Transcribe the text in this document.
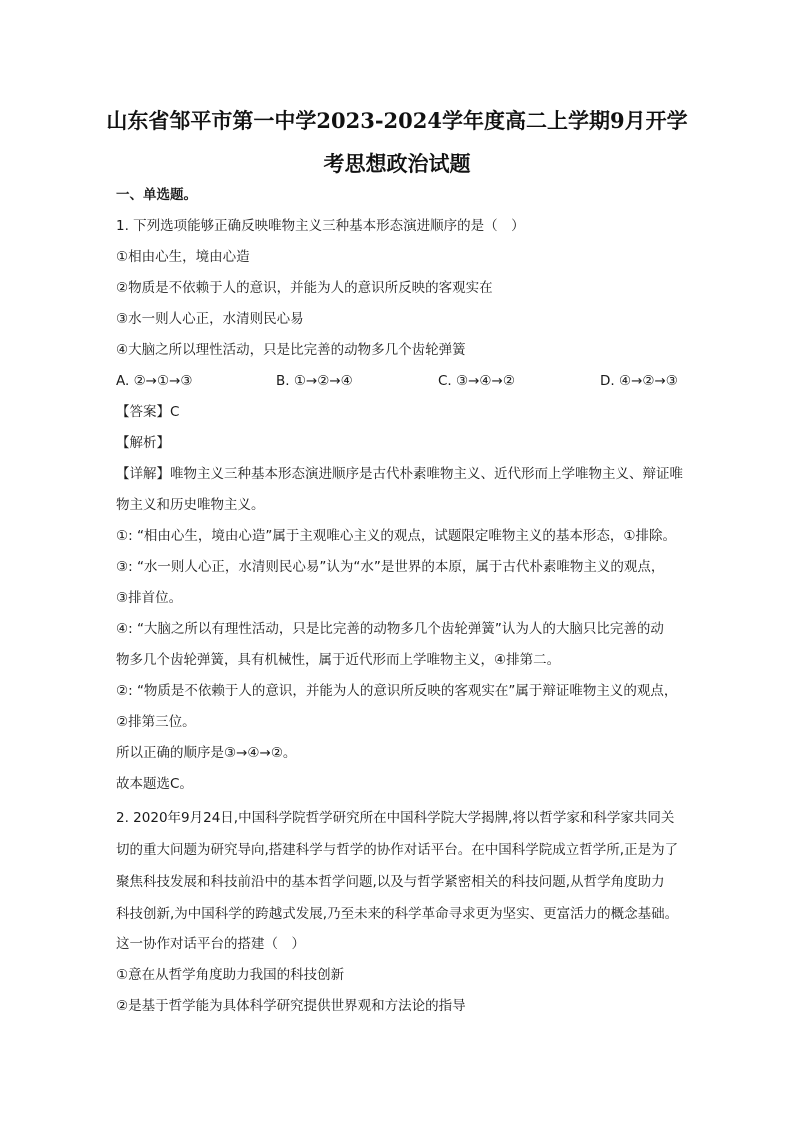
山东省邹平市第一中学2023-2024学年度高二上学期9月开学
考思想政治试题
一、单选题。
1. 下列选项能够正确反映唯物主义三种基本形态演进顺序的是（　）
①相由心生，境由心造
②物质是不依赖于人的意识，并能为人的意识所反映的客观实在
③水一则人心正，水清则民心易
④大脑之所以理性活动，只是比完善的动物多几个齿轮弹簧
A. ②→①→③	B. ①→②→④	C. ③→④→②	D. ④→②→③
【答案】C
【解析】
【详解】唯物主义三种基本形态演进顺序是古代朴素唯物主义、近代形而上学唯物主义、辩证唯
物主义和历史唯物主义。
①: “相由心生，境由心造”属于主观唯心主义的观点，试题限定唯物主义的基本形态，①排除。
③: “水一则人心正，水清则民心易”认为“水”是世界的本原，属于古代朴素唯物主义的观点，
③排首位。
④: “大脑之所以有理性活动，只是比完善的动物多几个齿轮弹簧”认为人的大脑只比完善的动
物多几个齿轮弹簧，具有机械性，属于近代形而上学唯物主义，④排第二。
②: “物质是不依赖于人的意识，并能为人的意识所反映的客观实在”属于辩证唯物主义的观点，
②排第三位。
所以正确的顺序是③→④→②。
故本题选C。
2. 2020年9月24日,中国科学院哲学研究所在中国科学院大学揭牌,将以哲学家和科学家共同关
切的重大问题为研究导向,搭建科学与哲学的协作对话平台。在中国科学院成立哲学所,正是为了
聚焦科技发展和科技前沿中的基本哲学问题,以及与哲学紧密相关的科技问题,从哲学角度助力
科技创新,为中国科学的跨越式发展,乃至未来的科学革命寻求更为坚实、更富活力的概念基础。
这一协作对话平台的搭建（　）
①意在从哲学角度助力我国的科技创新
②是基于哲学能为具体科学研究提供世界观和方法论的指导
